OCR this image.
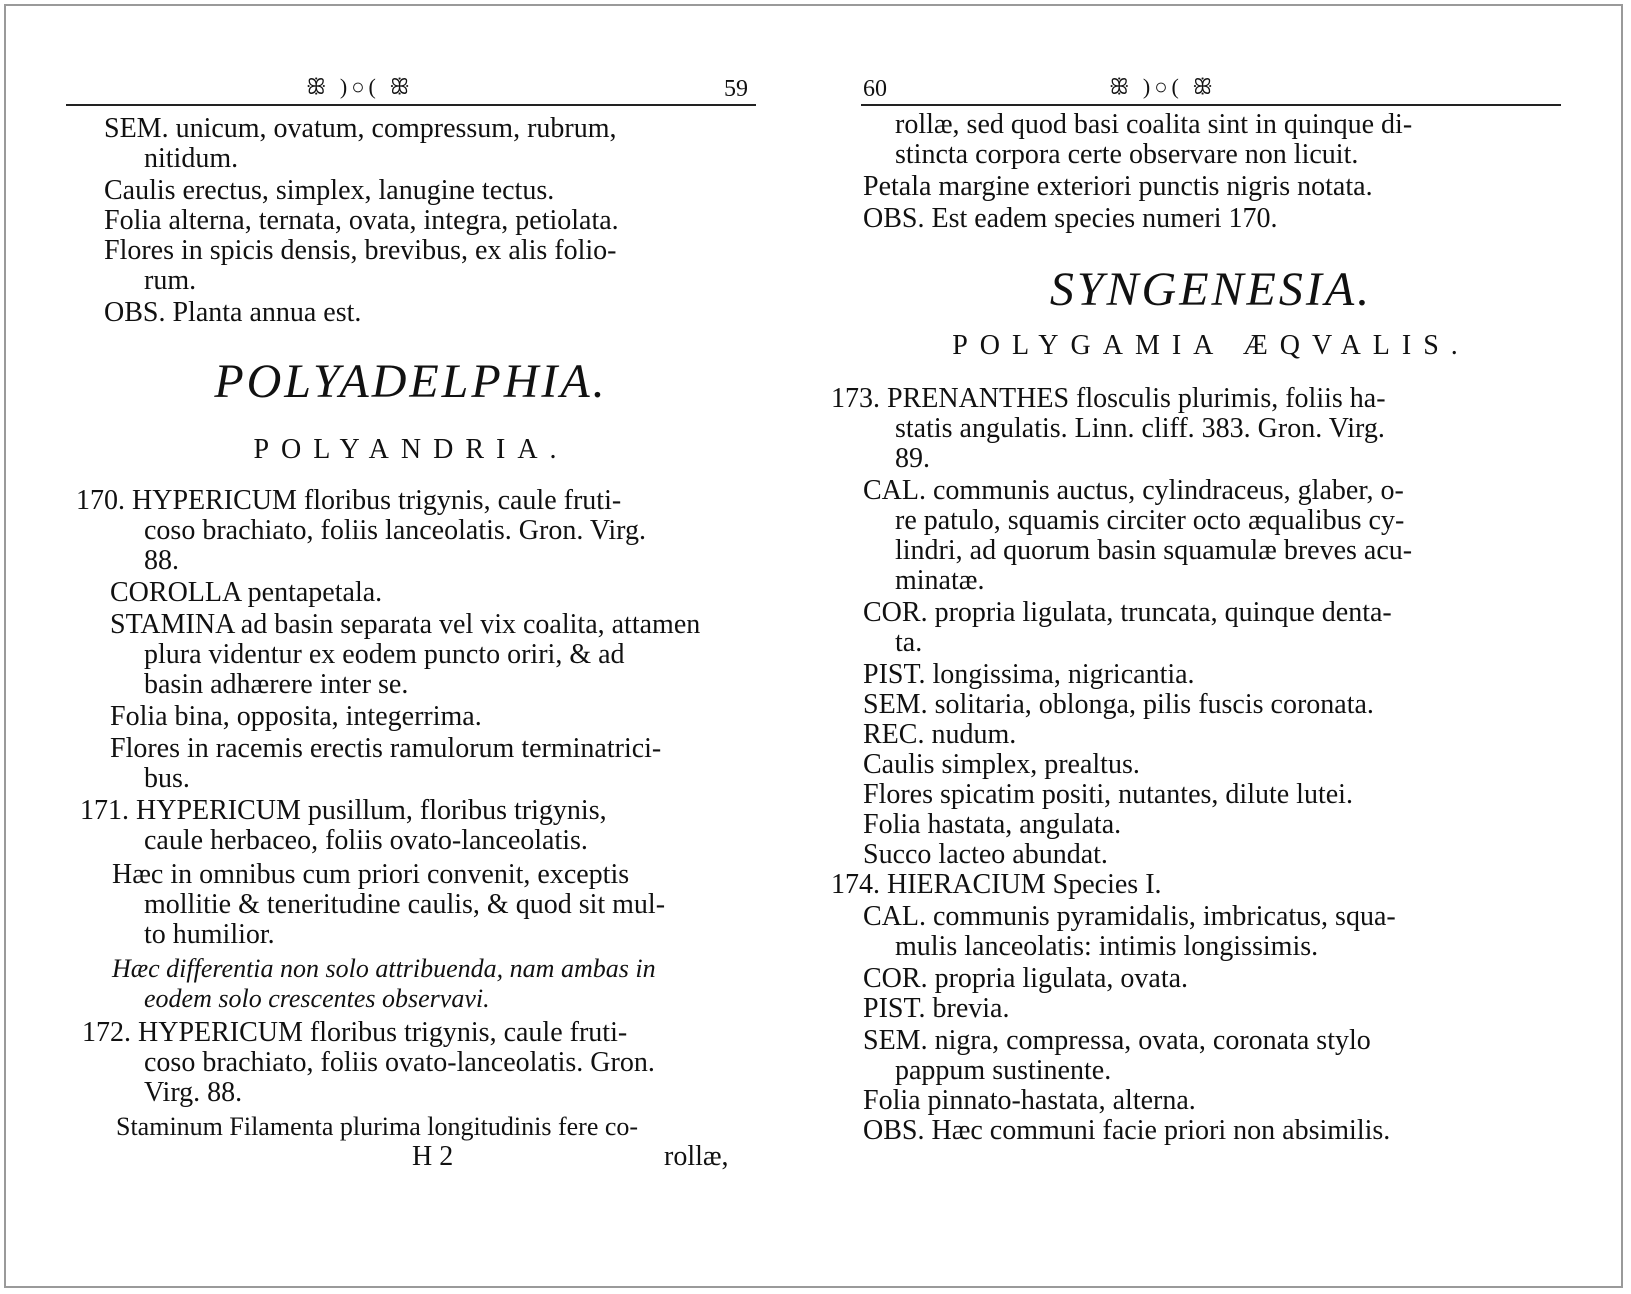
ꕥ )○( ꕥ	59
SEM. unicum, ovatum, compressum, rubrum,
nitidum.
Caulis erectus, simplex, lanugine tectus.
Folia alterna, ternata, ovata, integra, petiolata.
Flores in spicis densis, brevibus, ex alis folio-
rum.
OBS. Planta annua est.
POLYADELPHIA.
POLYANDRIA.
170. HYPERICUM floribus trigynis, caule fruti-
coso brachiato, foliis lanceolatis. Gron. Virg.
88.
COROLLA pentapetala.
STAMINA ad basin separata vel vix coalita, attamen
plura videntur ex eodem puncto oriri, & ad
basin adhærere inter se.
Folia bina, opposita, integerrima.
Flores in racemis erectis ramulorum terminatrici-
bus.
171. HYPERICUM pusillum, floribus trigynis,
caule herbaceo, foliis ovato-lanceolatis.
Hæc in omnibus cum priori convenit, exceptis
mollitie & teneritudine caulis, & quod sit mul-
to humilior.
Hæc differentia non solo attribuenda, nam ambas in
eodem solo crescentes observavi.
172. HYPERICUM floribus trigynis, caule fruti-
coso brachiato, foliis ovato-lanceolatis. Gron.
Virg. 88.
Staminum Filamenta plurima longitudinis fere co-
H 2	rollæ,
60	ꕥ )○( ꕥ
rollæ, sed quod basi coalita sint in quinque di-
stincta corpora certe observare non licuit.
Petala margine exteriori punctis nigris notata.
OBS. Est eadem species numeri 170.
SYNGENESIA.
POLYGAMIA ÆQVALIS.
173. PRENANTHES flosculis plurimis, foliis ha-
statis angulatis. Linn. cliff. 383. Gron. Virg.
89.
CAL. communis auctus, cylindraceus, glaber, o-
re patulo, squamis circiter octo æqualibus cy-
lindri, ad quorum basin squamulæ breves acu-
minatæ.
COR. propria ligulata, truncata, quinque denta-
ta.
PIST. longissima, nigricantia.
SEM. solitaria, oblonga, pilis fuscis coronata.
REC. nudum.
Caulis simplex, prealtus.
Flores spicatim positi, nutantes, dilute lutei.
Folia hastata, angulata.
Succo lacteo abundat.
174. HIERACIUM Species I.
CAL. communis pyramidalis, imbricatus, squa-
mulis lanceolatis: intimis longissimis.
COR. propria ligulata, ovata.
PIST. brevia.
SEM. nigra, compressa, ovata, coronata stylo
pappum sustinente.
Folia pinnato-hastata, alterna.
OBS. Hæc communi facie priori non absimilis.
